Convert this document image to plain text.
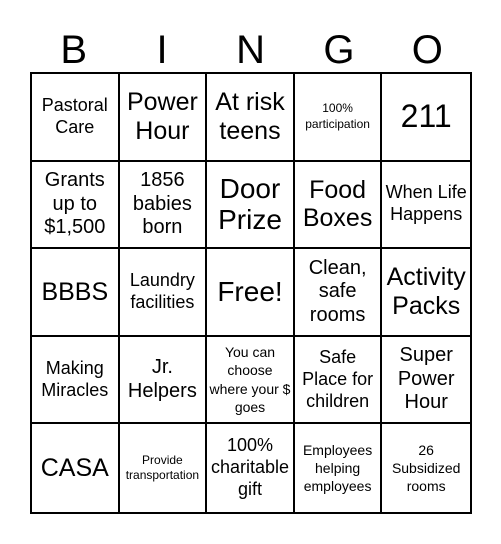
B	I	N	G	O
Pastoral Care
Power Hour
At risk teens
100% participation 211
Grants up to $1,500
1856 babies born
Door Prize
Food Boxes
When Life Happens
BBBS	Laundry facilities Free!
Clean, safe rooms
Activity Packs
Making Miracles
Jr. Helpers
You can choose where your $ goes
Safe Place for children
Super Power Hour
CASA	Provide transportation
100% charitable gift
Employees helping employees
26 Subsidized rooms
